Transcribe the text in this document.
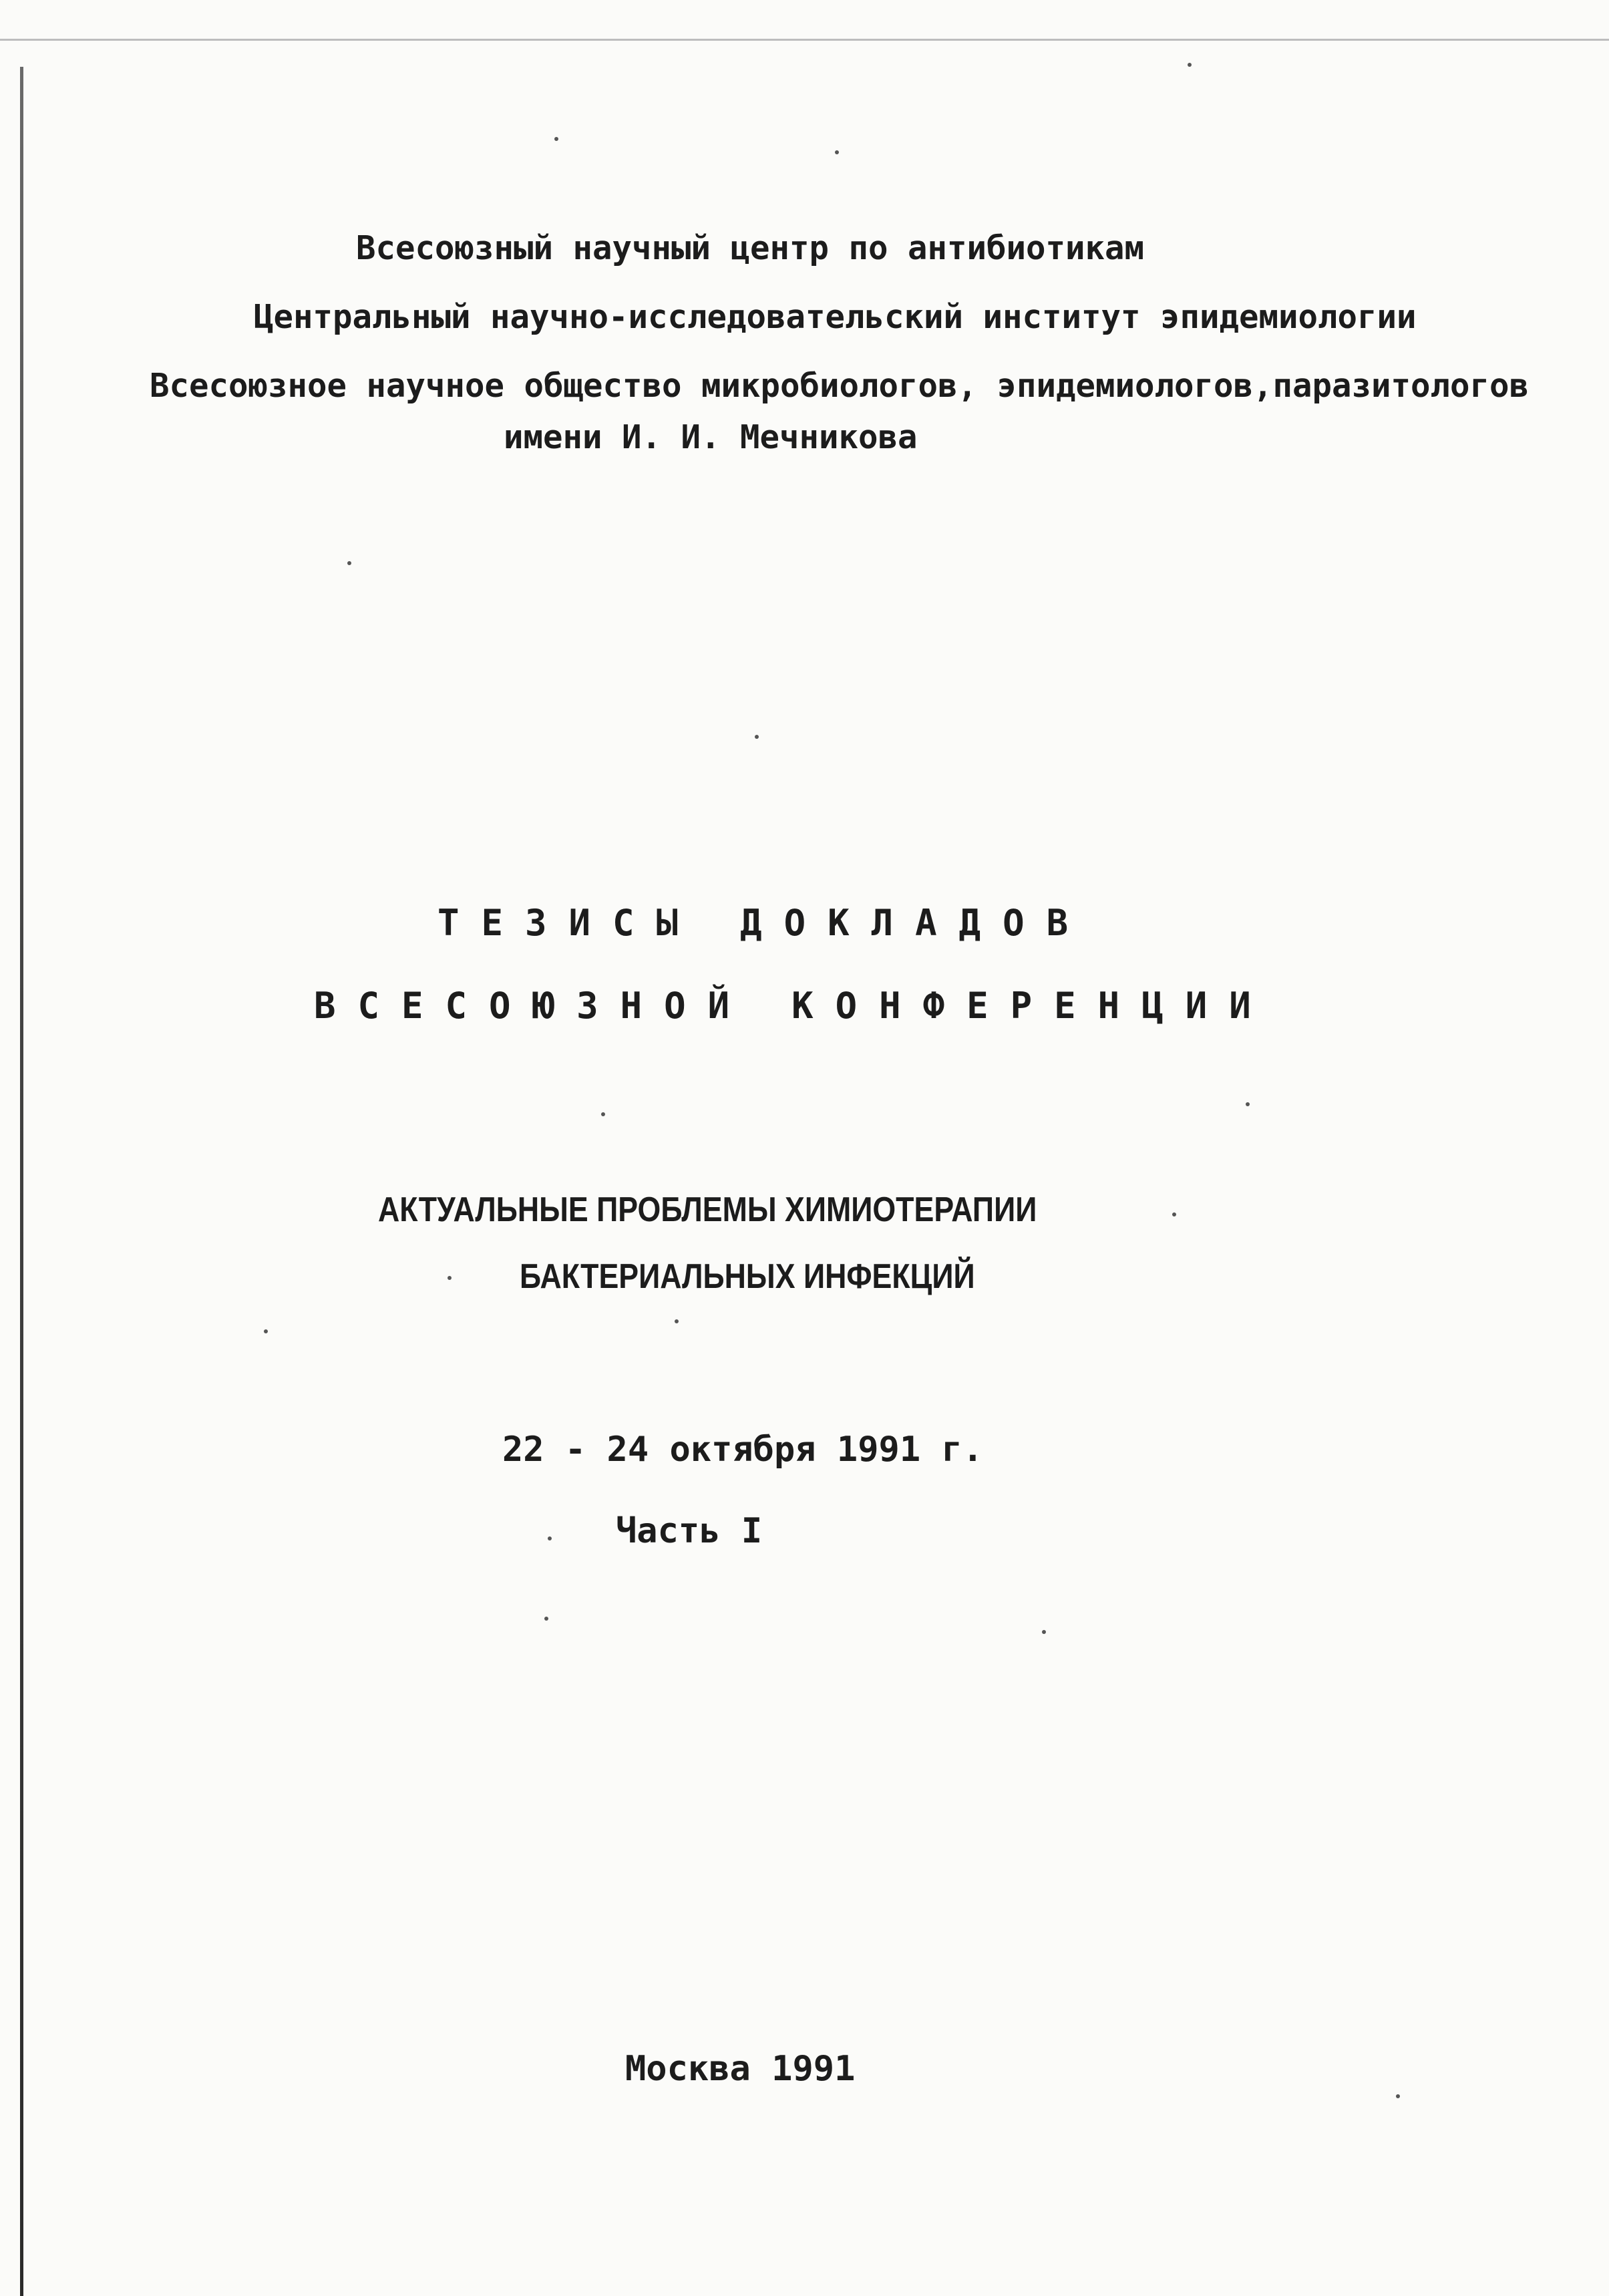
Всесоюзный научный центр по антибиотикам
Центральный научно-исследовательский институт эпидемиологии
Всесоюзное научное общество микробиологов, эпидемиологов,паразитологов
имени И. И. Мечникова
ТЕЗИСЫ ДОКЛАДОВ
ВСЕСОЮЗНОЙ КОНФЕРЕНЦИИ
АКТУАЛЬНЫЕ ПРОБЛЕМЫ ХИМИОТЕРАПИИ
БАКТЕРИАЛЬНЫХ ИНФЕКЦИЙ
22 - 24 октября 1991 г.
Часть I
Москва 1991
